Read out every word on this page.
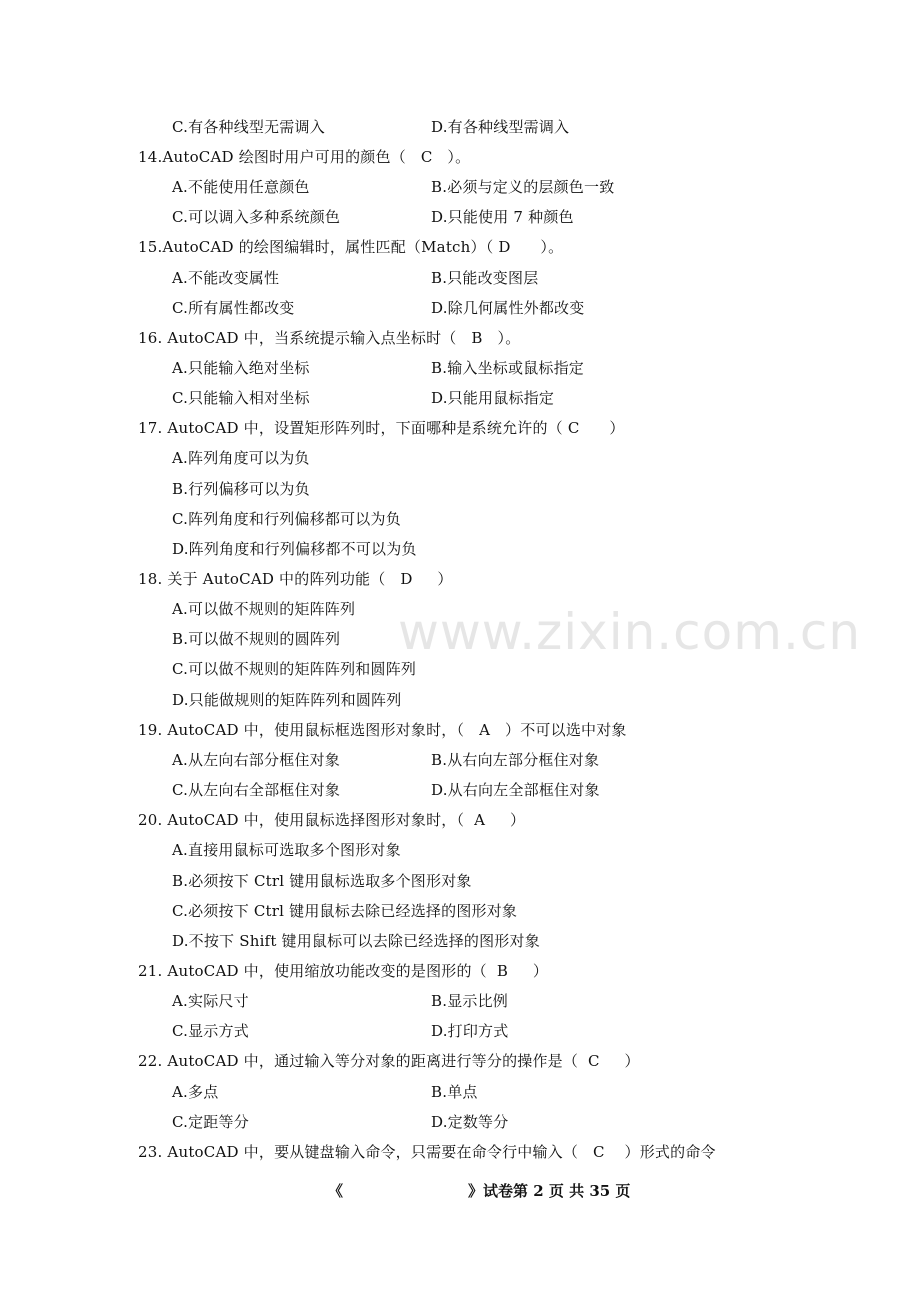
www.zixin.com.cn
C.有各种线型无需调入	D.有各种线型需调入
14.AutoCAD 绘图时用户可用的颜色（   C   ）。
A.不能使用任意颜色	B.必须与定义的层颜色一致
C.可以调入多种系统颜色	D.只能使用 7 种颜色
15.AutoCAD 的绘图编辑时，属性匹配（Match）（ D      ）。
A.不能改变属性	B.只能改变图层
C.所有属性都改变	D.除几何属性外都改变
16. AutoCAD 中，当系统提示输入点坐标时（   B   ）。
A.只能输入绝对坐标	B.输入坐标或鼠标指定
C.只能输入相对坐标	D.只能用鼠标指定
17. AutoCAD 中，设置矩形阵列时，下面哪种是系统允许的（ C      ）
A.阵列角度可以为负
B.行列偏移可以为负
C.阵列角度和行列偏移都可以为负
D.阵列角度和行列偏移都不可以为负
18. 关于 AutoCAD 中的阵列功能（   D     ）
A.可以做不规则的矩阵阵列
B.可以做不规则的圆阵列
C.可以做不规则的矩阵阵列和圆阵列
D.只能做规则的矩阵阵列和圆阵列
19. AutoCAD 中，使用鼠标框选图形对象时，（   A   ）不可以选中对象
A.从左向右部分框住对象	B.从右向左部分框住对象
C.从左向右全部框住对象	D.从右向左全部框住对象
20. AutoCAD 中，使用鼠标选择图形对象时，（  A     ）
A.直接用鼠标可选取多个图形对象
B.必须按下 Ctrl 键用鼠标选取多个图形对象
C.必须按下 Ctrl 键用鼠标去除已经选择的图形对象
D.不按下 Shift 键用鼠标可以去除已经选择的图形对象
21. AutoCAD 中，使用缩放功能改变的是图形的（  B     ）
A.实际尺寸	B.显示比例
C.显示方式	D.打印方式
22. AutoCAD 中，通过输入等分对象的距离进行等分的操作是（  C     ）
A.多点	B.单点
C.定距等分	D.定数等分
23. AutoCAD 中，要从键盘输入命令，只需要在命令行中输入（   C    ）形式的命令
《	》试卷第 2 页 共 35 页
